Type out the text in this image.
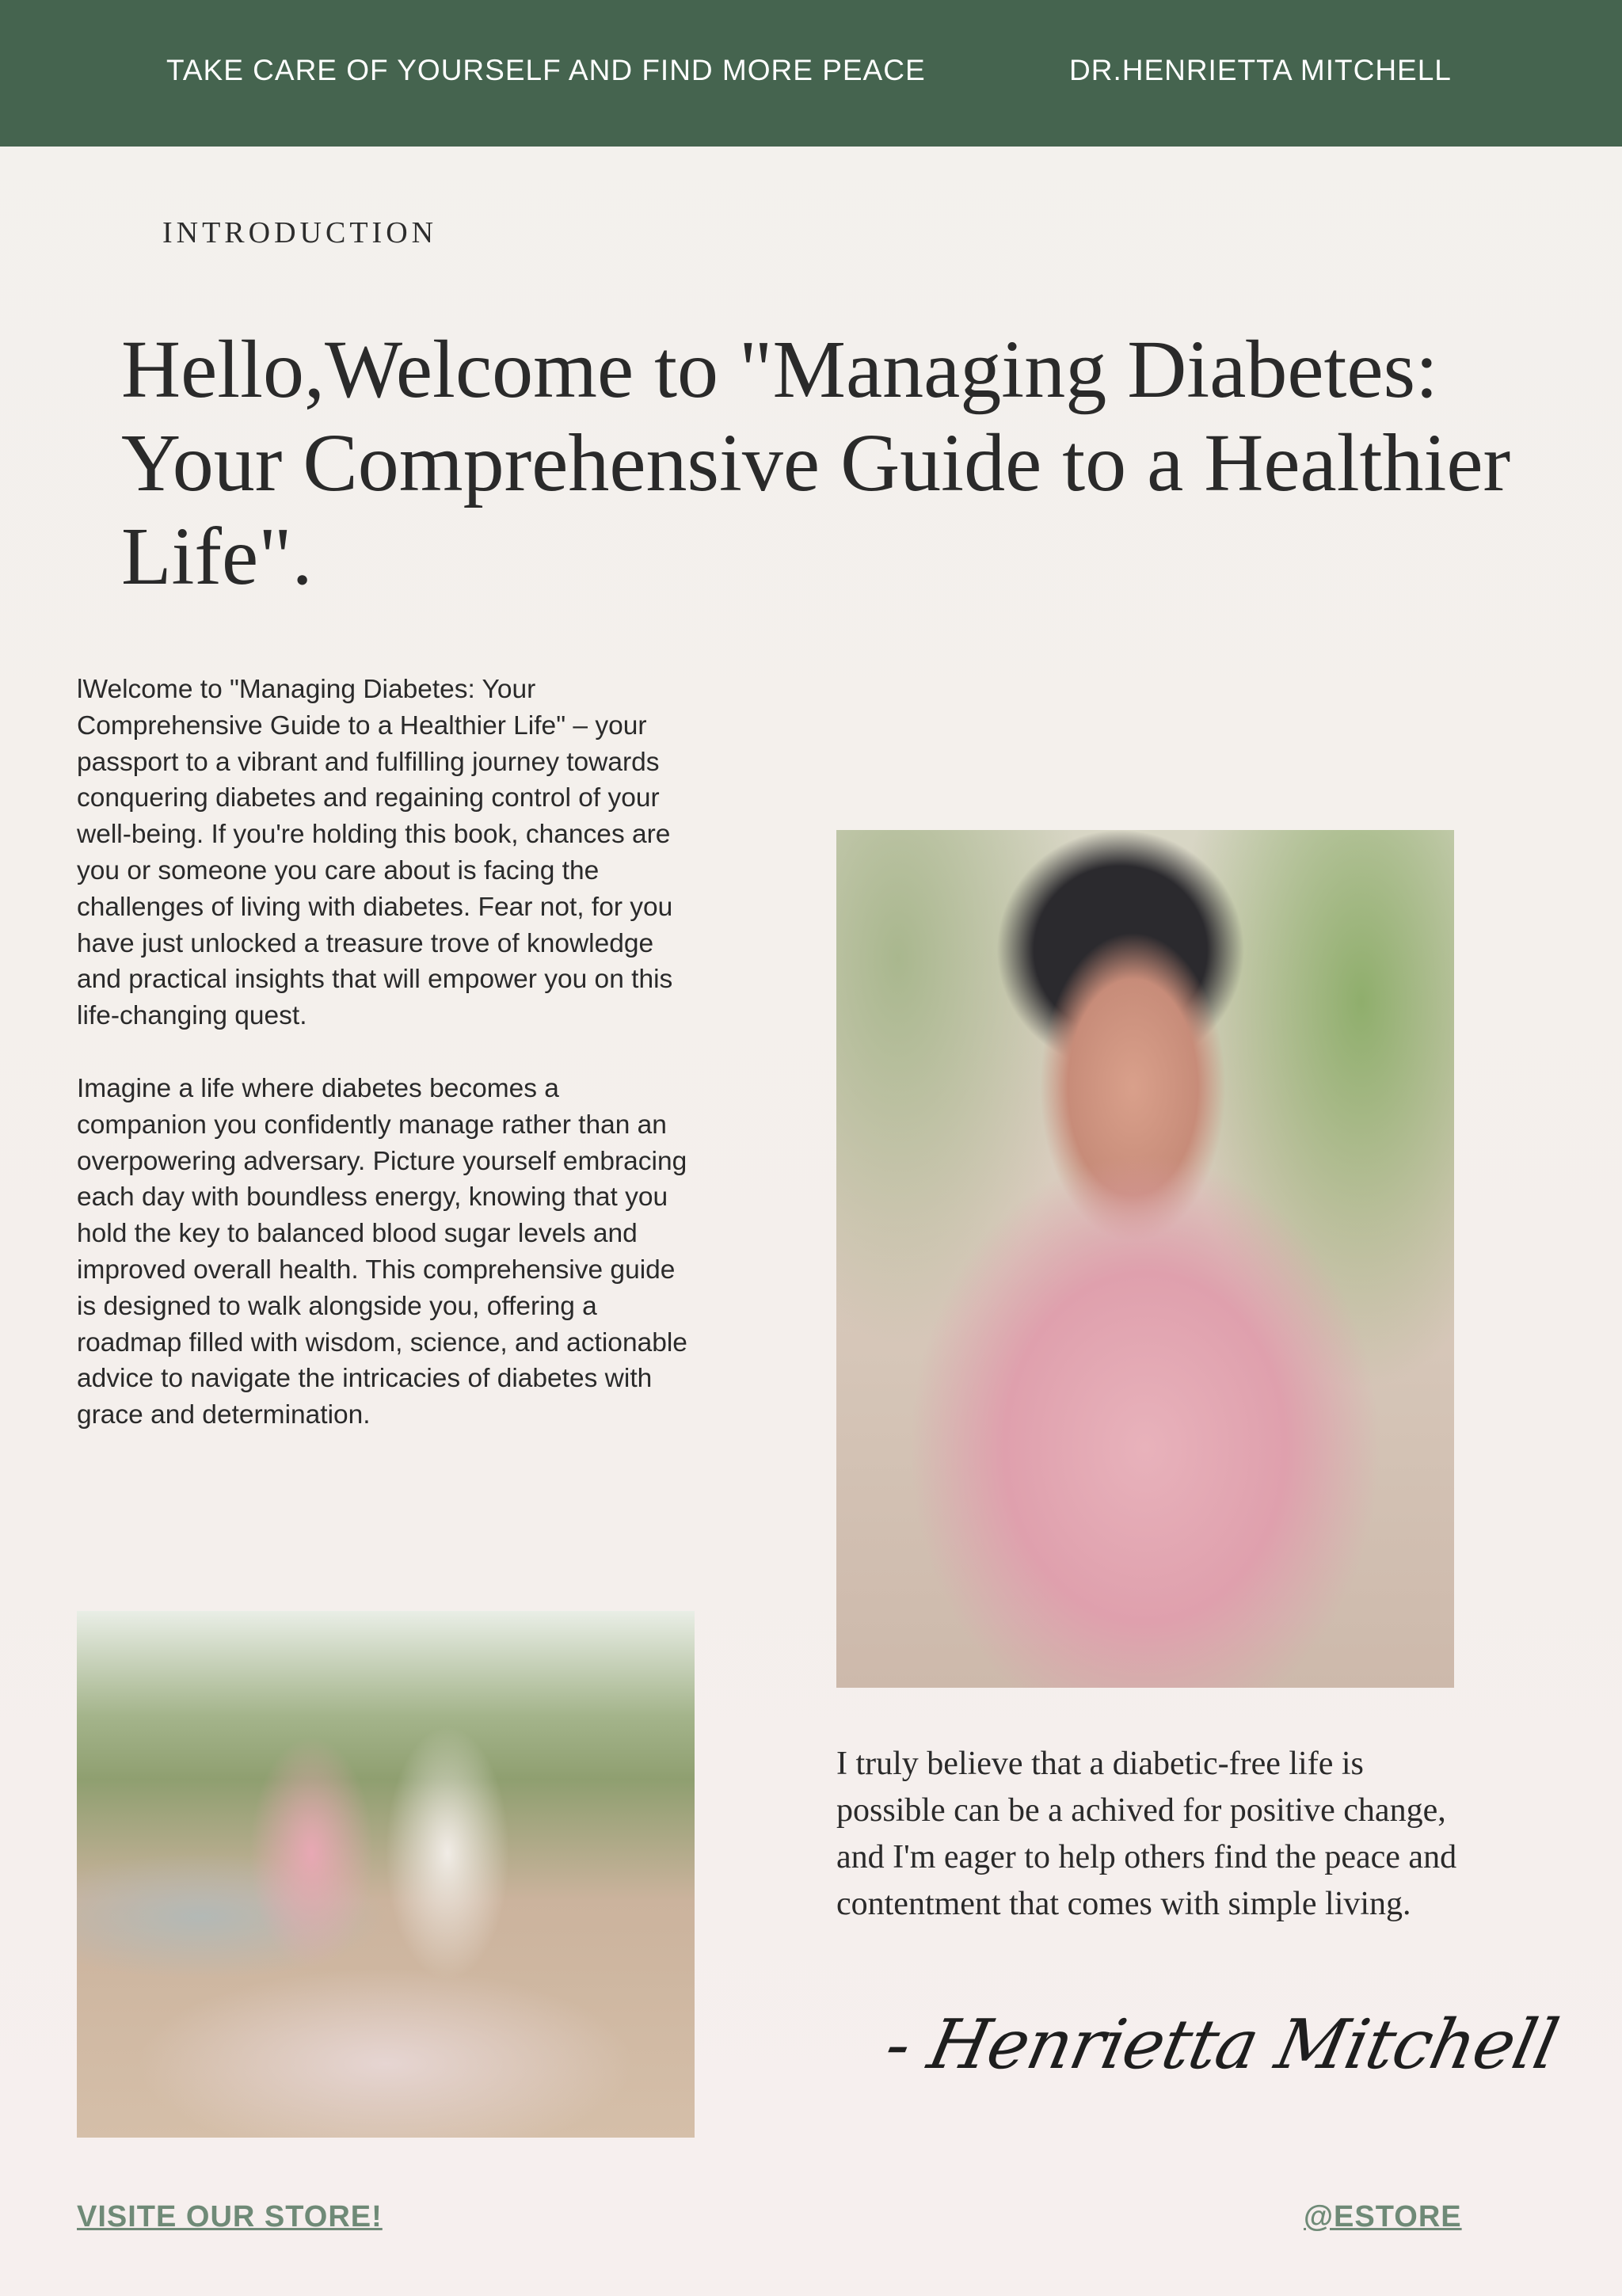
TAKE CARE OF YOURSELF AND FIND MORE PEACE	DR.HENRIETTA MITCHELL
INTRODUCTION
Hello,Welcome to "Managing Diabetes: Your Comprehensive Guide to a Healthier Life".

lWelcome to "Managing Diabetes: Your Comprehensive Guide to a Healthier Life" – your passport to a vibrant and fulfilling journey towards conquering diabetes and regaining control of your well-being. If you're holding this book, chances are you or someone you care about is facing the challenges of living with diabetes. Fear not, for you have just unlocked a treasure trove of knowledge and practical insights that will empower you on this life-changing quest.

Imagine a life where diabetes becomes a companion you confidently manage rather than an overpowering adversary. Picture yourself embracing each day with boundless energy, knowing that you hold the key to balanced blood sugar levels and improved overall health. This comprehensive guide is designed to walk alongside you, offering a roadmap filled with wisdom, science, and actionable advice to navigate the intricacies of diabetes with grace and determination.

I truly believe that a diabetic-free life is possible can be a achived for positive change, and I'm eager to help others find the peace and contentment that comes with simple living.
- Henrietta Mitchell
VISITE OUR STORE!	@ESTORE
